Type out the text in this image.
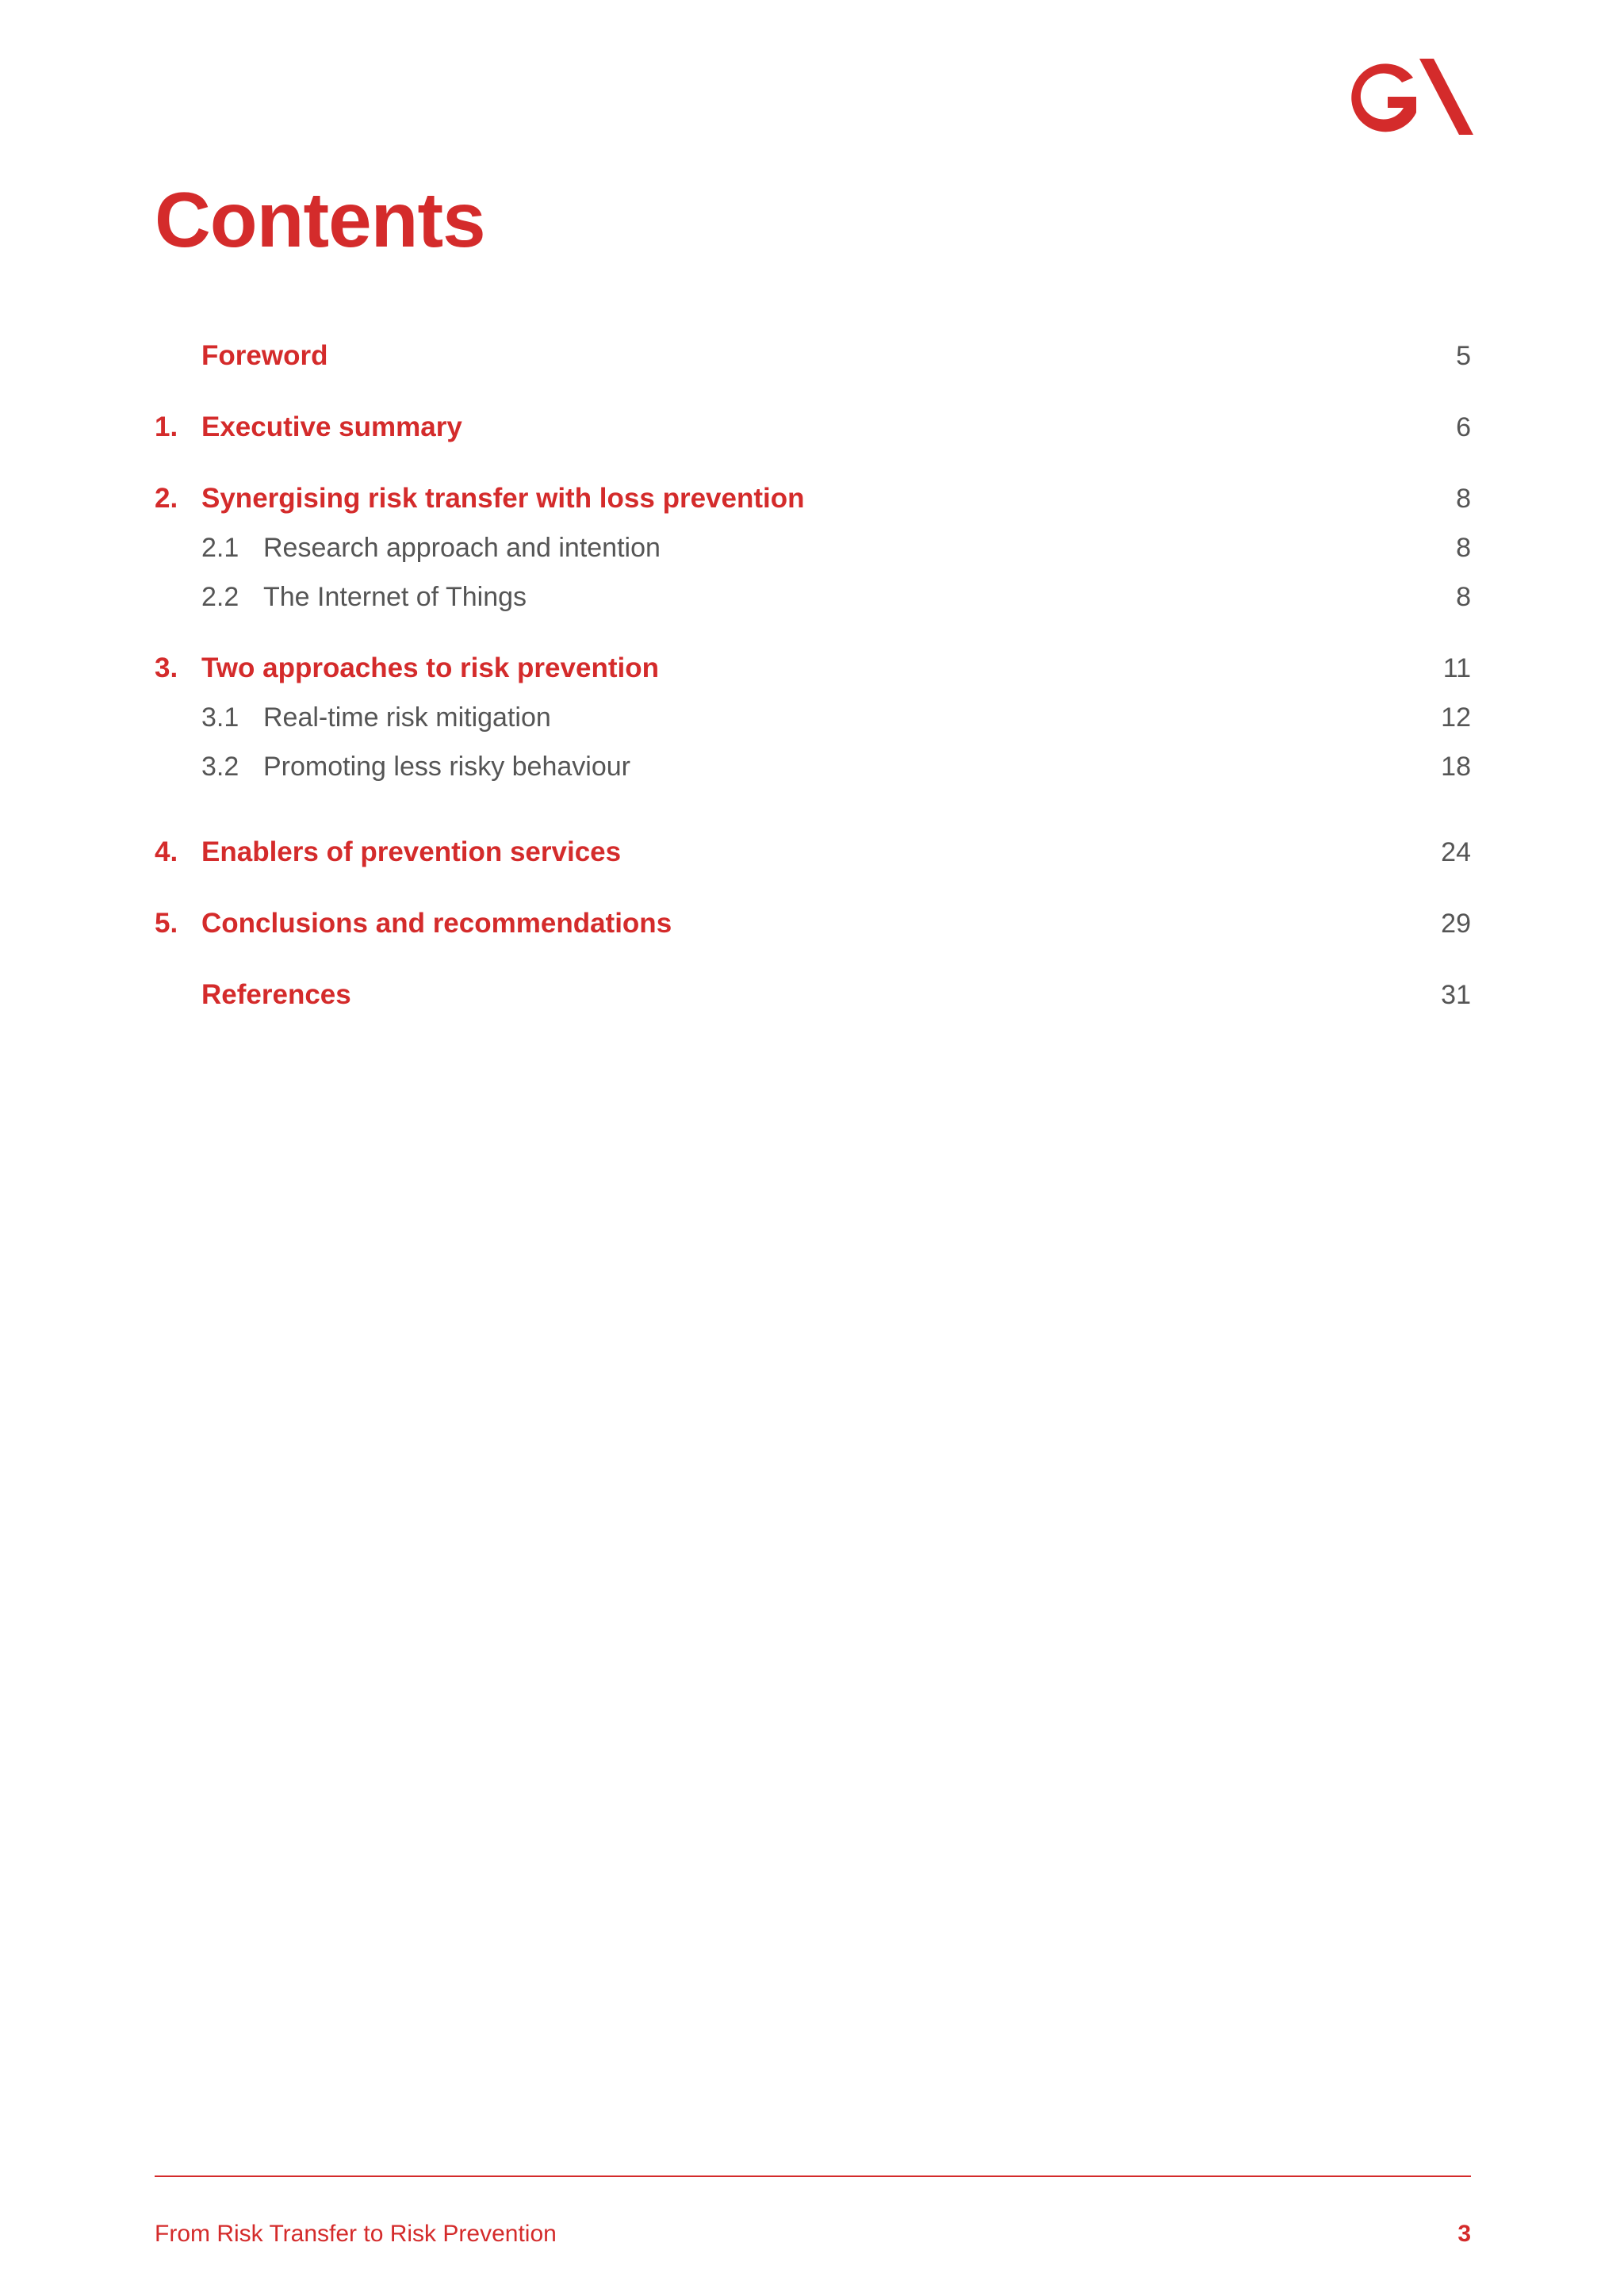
Contents
Foreword	5
1. Executive summary	6
2. Synergising risk transfer with loss prevention	8
2.1 Research approach and intention	8
2.2 The Internet of Things	8
3. Two approaches to risk prevention	11
3.1 Real-time risk mitigation	12
3.2 Promoting less risky behaviour	18
4. Enablers of prevention services	24
5. Conclusions and recommendations	29
References	31
From Risk Transfer to Risk Prevention	3
